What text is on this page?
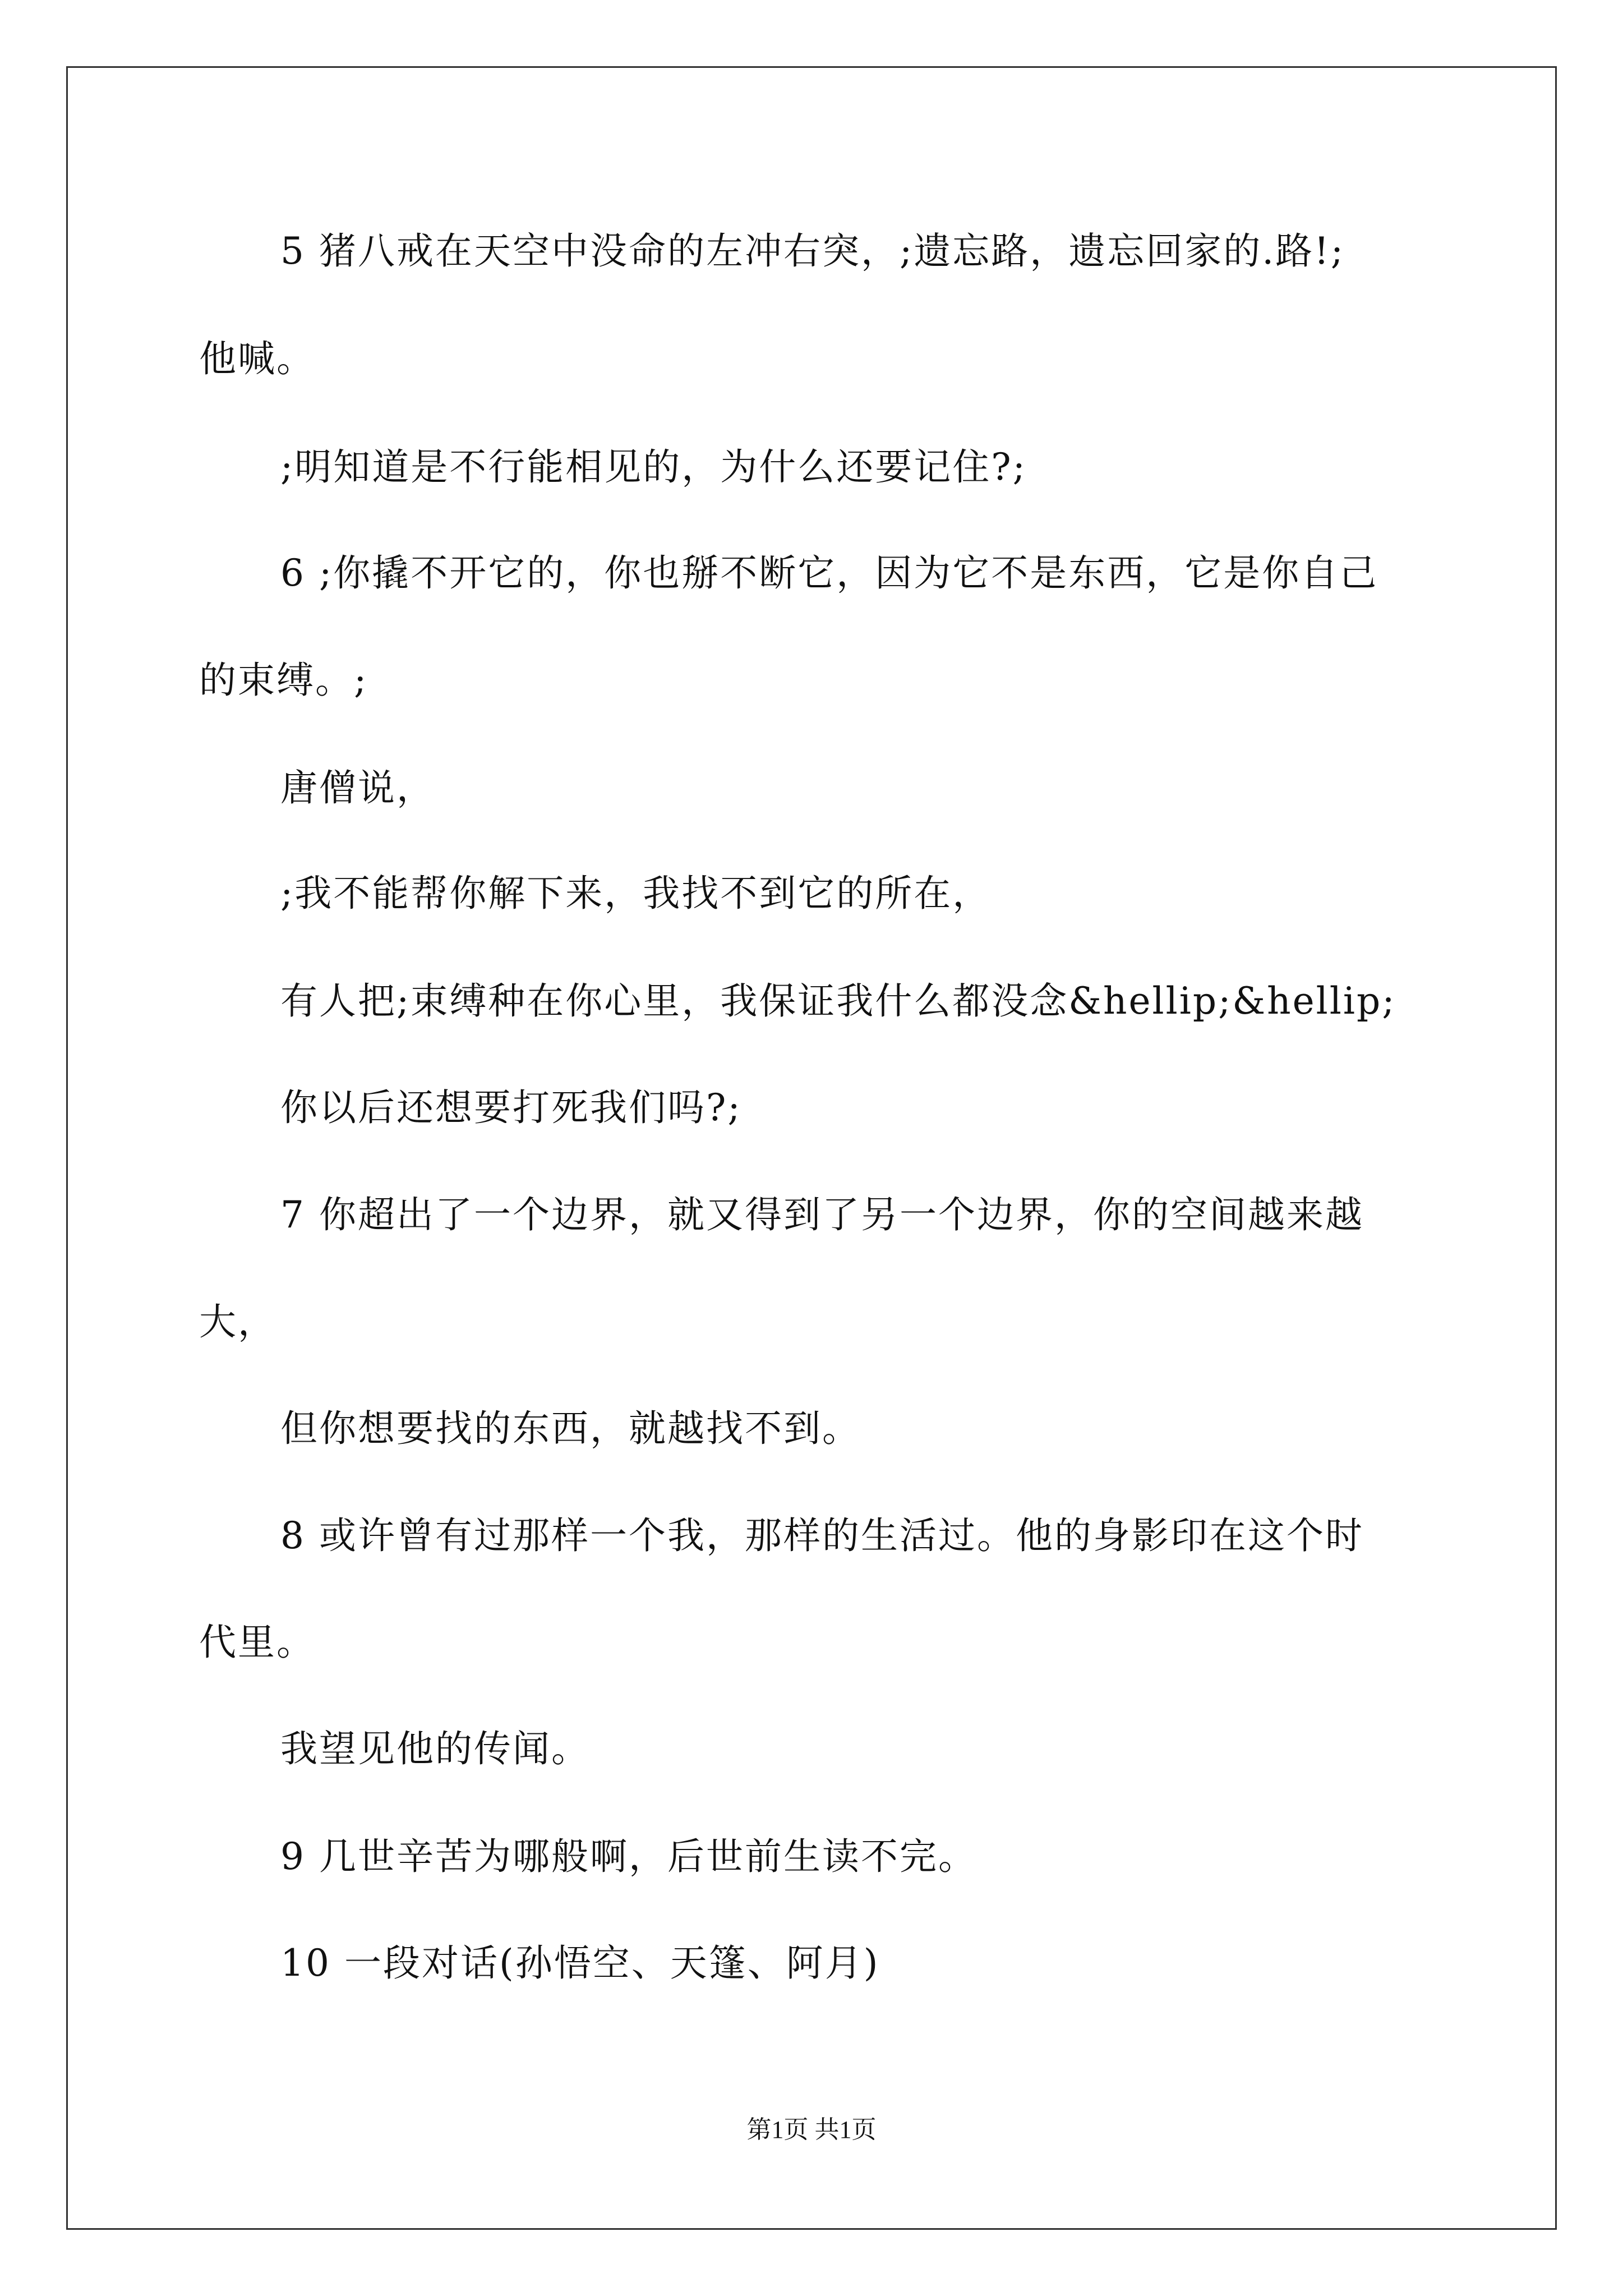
5 猪八戒在天空中没命的左冲右突，;遗忘路，遗忘回家的.路!;
他喊。
;明知道是不行能相见的，为什么还要记住?;
6 ;你撬不开它的，你也掰不断它，因为它不是东西，它是你自己
的束缚。;
唐僧说，
;我不能帮你解下来，我找不到它的所在，
有人把;束缚种在你心里，我保证我什么都没念&hellip;&hellip;
你以后还想要打死我们吗?;
7 你超出了一个边界，就又得到了另一个边界，你的空间越来越
大，
但你想要找的东西，就越找不到。
8 或许曾有过那样一个我，那样的生活过。他的身影印在这个时
代里。
我望见他的传闻。
9 几世辛苦为哪般啊，后世前生读不完。
10 一段对话(孙悟空、天篷、阿月)
第1页 共1页
